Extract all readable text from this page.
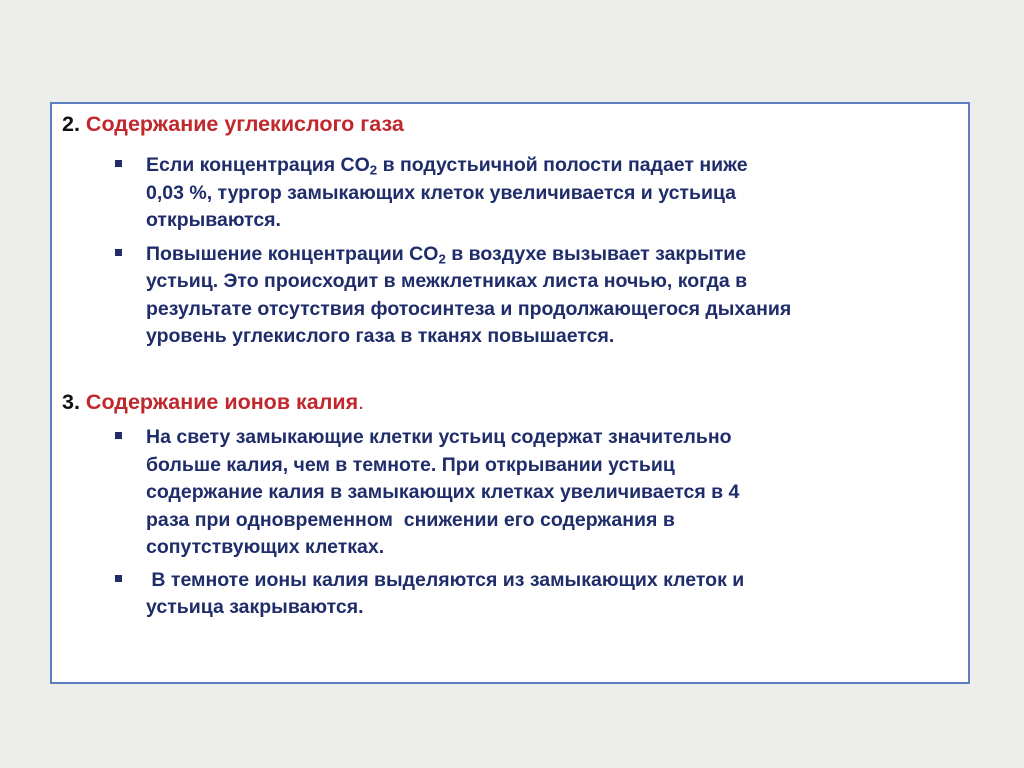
2. Содержание углекислого газа

Если концентрация $CO_2$ в подустьичной полости падает ниже
0,03 %, тургор замыкающих клеток увеличивается и устьица
открываются.
Повышение концентрации $CO_2$ в воздухе вызывает закрытие
устьиц. Это происходит в межклетниках листа ночью, когда в
результате отсутствия фотосинтеза и продолжающегося дыхания
уровень углекислого газа в тканях повышается.

3. Содержание ионов калия.

На свету замыкающие клетки устьиц содержат значительно
больше калия, чем в темноте. При открывании устьиц
содержание калия в замыкающих клетках увеличивается в 4
раза при одновременном  снижении его содержания в
сопутствующих клетках.
В темноте ионы калия выделяются из замыкающих клеток и
устьица закрываются.
